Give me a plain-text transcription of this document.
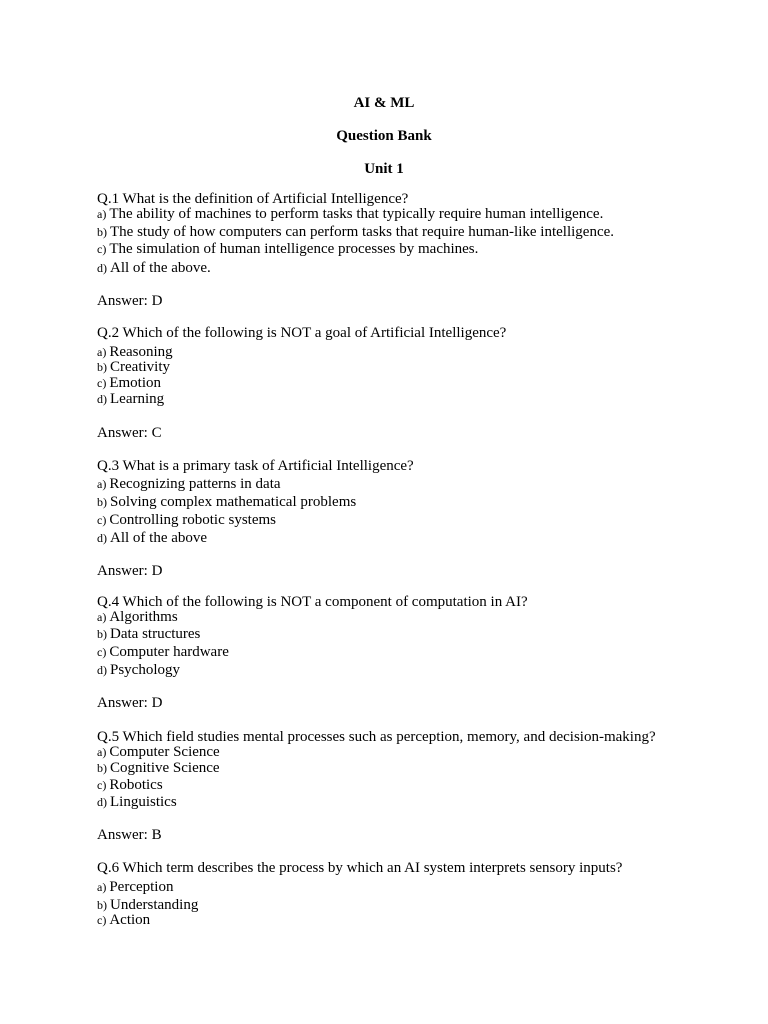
AI & ML
Question Bank
Unit 1
Q.1 What is the definition of Artificial Intelligence?
a) The ability of machines to perform tasks that typically require human intelligence.
b) The study of how computers can perform tasks that require human-like intelligence.
c) The simulation of human intelligence processes by machines.
d) All of the above.
Answer: D
Q.2 Which of the following is NOT a goal of Artificial Intelligence?
a) Reasoning
b) Creativity
c) Emotion
d) Learning
Answer: C
Q.3 What is a primary task of Artificial Intelligence?
a) Recognizing patterns in data
b) Solving complex mathematical problems
c) Controlling robotic systems
d) All of the above
Answer: D
Q.4 Which of the following is NOT a component of computation in AI?
a) Algorithms
b) Data structures
c) Computer hardware
d) Psychology
Answer: D
Q.5 Which field studies mental processes such as perception, memory, and decision-making?
a) Computer Science
b) Cognitive Science
c) Robotics
d) Linguistics
Answer: B
Q.6 Which term describes the process by which an AI system interprets sensory inputs?
a) Perception
b) Understanding
c) Action
